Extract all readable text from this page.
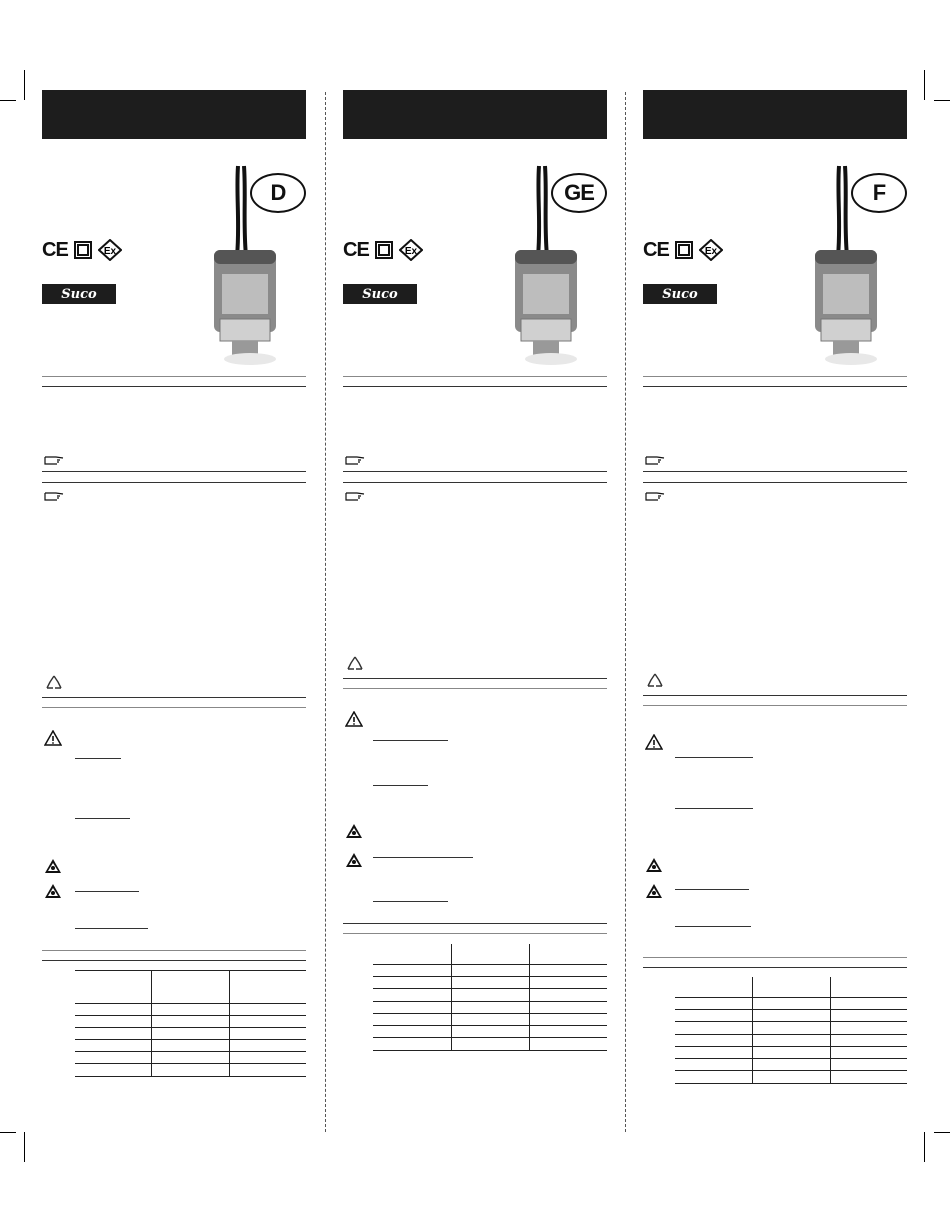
D
CE	Ex
Suco
GE
CE	Ex
Suco
F
CE	Ex
Suco
